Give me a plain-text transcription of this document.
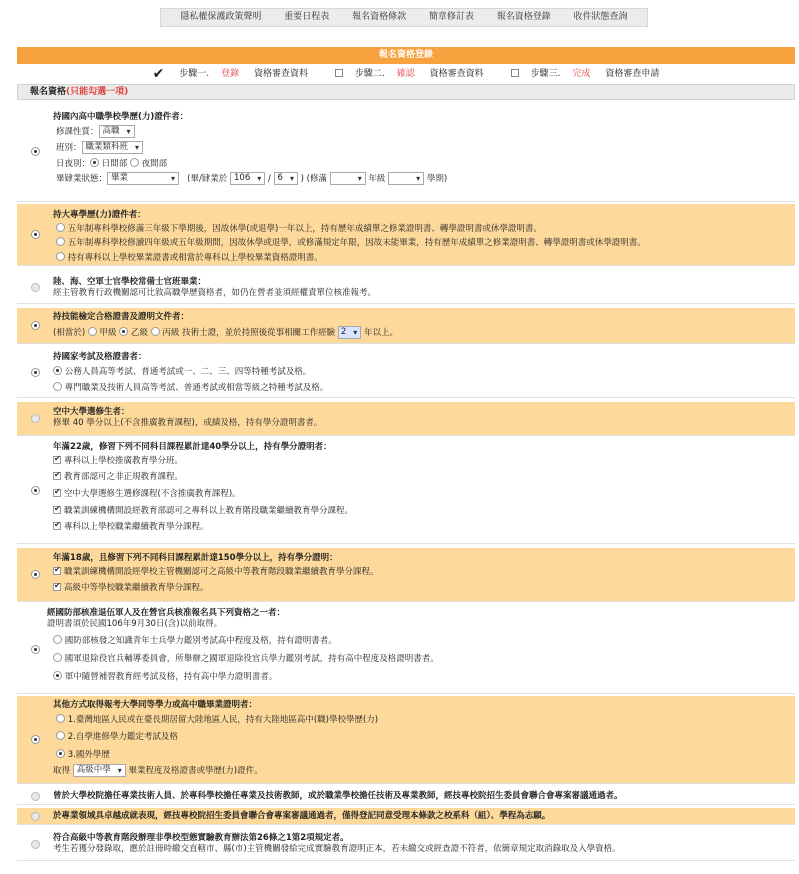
隱私權保護政策聲明	重要日程表	報名資格條款	簡章修訂表	報名資格登錄	收件狀態查詢
報名資格登錄
✔ 步驟一. 登錄 資格審查資料	步驟二. 確認 資格審查資料	步驟三. 完成 資格審查申請
報名資格(只能勾選一項)
持國內高中職學校學歷(力)證件者：
修課性質： 高職 ▾
班別： 職業類科班 ▾
日夜別： 日間部 夜間部
畢肄業狀態： 畢業 ▾	(畢/肄業於 106 ▾ / 6 ▾ ) (修滿 ▾	年級 ▾	學期)
持大專學歷(力)證件者：
五年制專科學校修滿三年級下學期後，因故休學(或退學)一年以上，持有歷年成績單之修業證明書、轉學證明書或休學證明書。
五年制專科學校修讀四年級或五年級期間，因故休學或退學，或修滿規定年限，因故未能畢業，持有歷年成績單之修業證明書、轉學證明書或休學證明書。
持有專科以上學校畢業證書或相當於專科以上學校畢業資格證明書。
陸、海、空軍士官學校常備士官班畢業：
經主管教育行政機關認可比敘高職學歷資格者，如仍在營者並須經權責單位核准報考。
持技能檢定合格證書及證明文件者：
(相當於) 甲級 乙級 丙級 技術士證，並於持照後從事相關工作經驗 2 ▾ 年以上。
持國家考試及格證書者：
公務人員高等考試、普通考試或一、二、三、四等特種考試及格。
專門職業及技術人員高等考試、普通考試或相當等級之特種考試及格。
空中大學選修生者：
修畢 40 學分以上(不含推廣教育課程)，成績及格，持有學分證明書者。
年滿22歲，修習下列不同科目課程累計達40學分以上，持有學分證明者：
✔專科以上學校推廣教育學分班。
✔教育部認可之非正規教育課程。
✔空中大學選修生選修課程(不含推廣教育課程)。
✔職業訓練機構開設經教育部認可之專科以上教育階段職業繼續教育學分課程。
✔專科以上學校職業繼續教育學分課程。
年滿18歲，且修習下列不同科目課程累計達150學分以上，持有學分證明：
✔職業訓練機構開設經學校主管機關認可之高級中等教育階段職業繼續教育學分課程。
✔高級中等學校職業繼續教育學分課程。
經國防部核准退伍軍人及在營官兵核准報名具下列資格之一者：
證明書須於民國106年9月30日(含)以前取得。
國防部核發之知識青年士兵學力鑑別考試高中程度及格，持有證明書者。
國軍退除役官兵輔導委員會，所舉辦之國軍退除役官兵學力鑑別考試，持有高中程度及格證明書者。
軍中隨營補習教育經考試及格，持有高中學力證明書者。
其他方式取得報考大學同等學力或高中職畢業證明者：
1.臺灣地區人民或在臺長期居留大陸地區人民，持有大陸地區高中(職)學校學歷(力)
2.自學進修學力鑑定考試及格
3.國外學歷
取得 高級中學 ▾ 畢業程度及格證書或學歷(力)證件。
曾於大學校院擔任專業技術人員、於專科學校擔任專業及技術教師，或於職業學校擔任技術及專業教師，經技專校院招生委員會聯合會專案審議通過者。
於專業領域具卓越成就表現，經技專校院招生委員會聯合會專案審議通過者，僅得登記同意受理本條款之校系科（組）、學程為志願。
符合高級中等教育階段辦理非學校型態實驗教育辦法第26條之1第2項規定者。
考生若獲分發錄取，應於註冊時繳交直轄市、縣(市)主管機關發給完成實驗教育證明正本，若未繳交或經查證不符者，依簡章規定取消錄取及入學資格。
